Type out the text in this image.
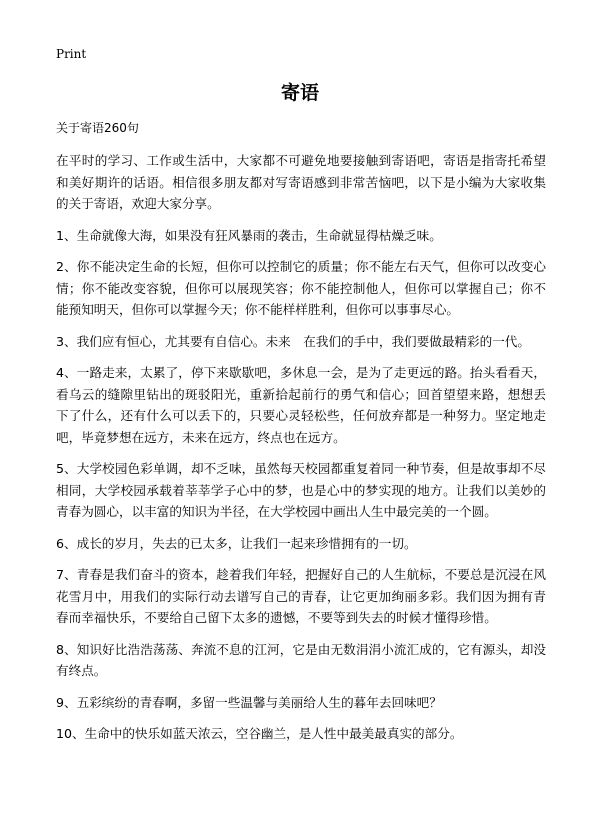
Print
寄语
关于寄语260句

在平时的学习、工作或生活中，大家都不可避免地要接触到寄语吧，寄语是指寄托希望和美好期许的话语。相信很多朋友都对写寄语感到非常苦恼吧，以下是小编为大家收集的关于寄语，欢迎大家分享。

1、生命就像大海，如果没有狂风暴雨的袭击，生命就显得枯燥乏味。

2、你不能决定生命的长短，但你可以控制它的质量；你不能左右天气，但你可以改变心情；你不能改变容貌，但你可以展现笑容；你不能控制他人，但你可以掌握自己；你不能预知明天，但你可以掌握今天；你不能样样胜利，但你可以事事尽心。

3、我们应有恒心，尤其要有自信心。未来　在我们的手中，我们要做最精彩的一代。

4、一路走来，太累了，停下来歇歇吧，多休息一会，是为了走更远的路。抬头看看天，看乌云的缝隙里钻出的斑驳阳光，重新拾起前行的勇气和信心；回首望望来路，想想丢下了什么，还有什么可以丢下的，只要心灵轻松些，任何放弃都是一种努力。坚定地走吧，毕竟梦想在远方，未来在远方，终点也在远方。

5、大学校园色彩单调，却不乏味，虽然每天校园都重复着同一种节奏，但是故事却不尽相同，大学校园承载着莘莘学子心中的梦，也是心中的梦实现的地方。让我们以美妙的青春为圆心，以丰富的知识为半径，在大学校园中画出人生中最完美的一个圆。

6、成长的岁月，失去的已太多，让我们一起来珍惜拥有的一切。

7、青春是我们奋斗的资本，趁着我们年轻，把握好自己的人生航标，不要总是沉浸在风花雪月中，用我们的实际行动去谱写自己的青春，让它更加绚丽多彩。我们因为拥有青春而幸福快乐，不要给自己留下太多的遗憾，不要等到失去的时候才懂得珍惜。

8、知识好比浩浩荡荡、奔流不息的江河，它是由无数涓涓小流汇成的，它有源头，却没有终点。

9、五彩缤纷的青春啊，多留一些温馨与美丽给人生的暮年去回味吧？

10、生命中的快乐如蓝天浓云，空谷幽兰，是人性中最美最真实的部分。
